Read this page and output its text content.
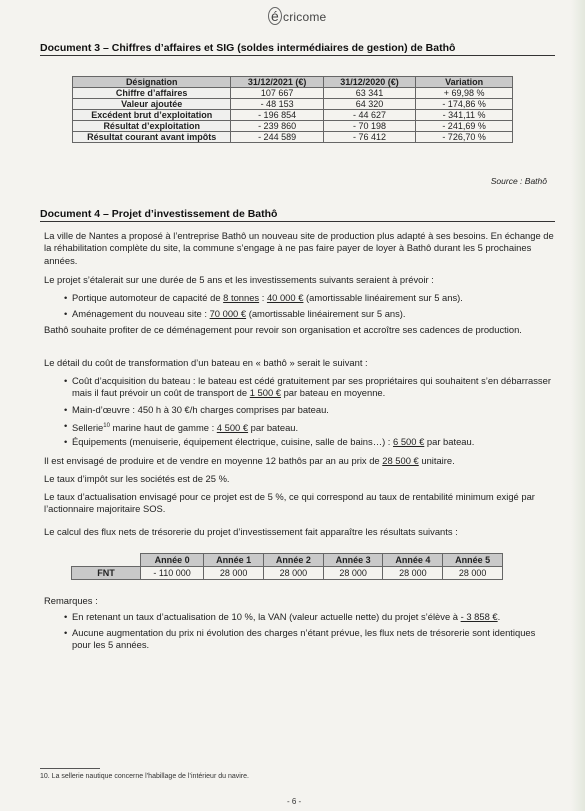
é cricome
Document 3 – Chiffres d’affaires et SIG (soldes intermédiaires de gestion) de Bathô
Désignation	31/12/2021 (€)	31/12/2020 (€)	Variation
Chiffre d’affaires	107 667	63 341	+ 69,98 %
Valeur ajoutée	- 48 153	64 320	- 174,86 %
Excédent brut d’exploitation	- 196 854	- 44 627	- 341,11 %
Résultat d’exploitation	- 239 860	- 70 198	- 241,69 %
Résultat courant avant impôts	- 244 589	- 76 412	- 726,70 %
Source : Bathô
Document 4 – Projet d’investissement de Bathô
La ville de Nantes a proposé à l’entreprise Bathô un nouveau site de production plus adapté à ses besoins. En échange de la réhabilitation complète du site, la commune s’engage à ne pas faire payer de loyer à Bathô durant les 5 prochaines années.
Le projet s’étalerait sur une durée de 5 ans et les investissements suivants seraient à prévoir :
• Portique automoteur de capacité de 8 tonnes : 40 000 € (amortissable linéairement sur 5 ans).
• Aménagement du nouveau site : 70 000 € (amortissable linéairement sur 5 ans).
Bathô souhaite profiter de ce déménagement pour revoir son organisation et accroître ses cadences de production.
Le détail du coût de transformation d’un bateau en « bathô » serait le suivant :
• Coût d’acquisition du bateau : le bateau est cédé gratuitement par ses propriétaires qui souhaitent s’en débarrasser mais il faut prévoir un coût de transport de 1 500 € par bateau en moyenne.
• Main-d’œuvre : 450 h à 30 €/h charges comprises par bateau.
• Sellerie$^{10}$ marine haut de gamme : 4 500 € par bateau.
• Équipements (menuiserie, équipement électrique, cuisine, salle de bains…) : 6 500 € par bateau.
Il est envisagé de produire et de vendre en moyenne 12 bathôs par an au prix de 28 500 € unitaire.
Le taux d’impôt sur les sociétés est de 25 %.
Le taux d’actualisation envisagé pour ce projet est de 5 %, ce qui correspond au taux de rentabilité minimum exigé par l’actionnaire majoritaire SOS.
Le calcul des flux nets de trésorerie du projet d’investissement fait apparaître les résultats suivants :
	Année 0	Année 1	Année 2	Année 3	Année 4	Année 5
FNT	- 110 000	28 000	28 000	28 000	28 000	28 000
Remarques :
• En retenant un taux d’actualisation de 10 %, la VAN (valeur actuelle nette) du projet s’élève à - 3 858 €.
• Aucune augmentation du prix ni évolution des charges n’étant prévue, les flux nets de trésorerie sont identiques pour les 5 années.
10. La sellerie nautique concerne l’habillage de l’intérieur du navire.
- 6 -
